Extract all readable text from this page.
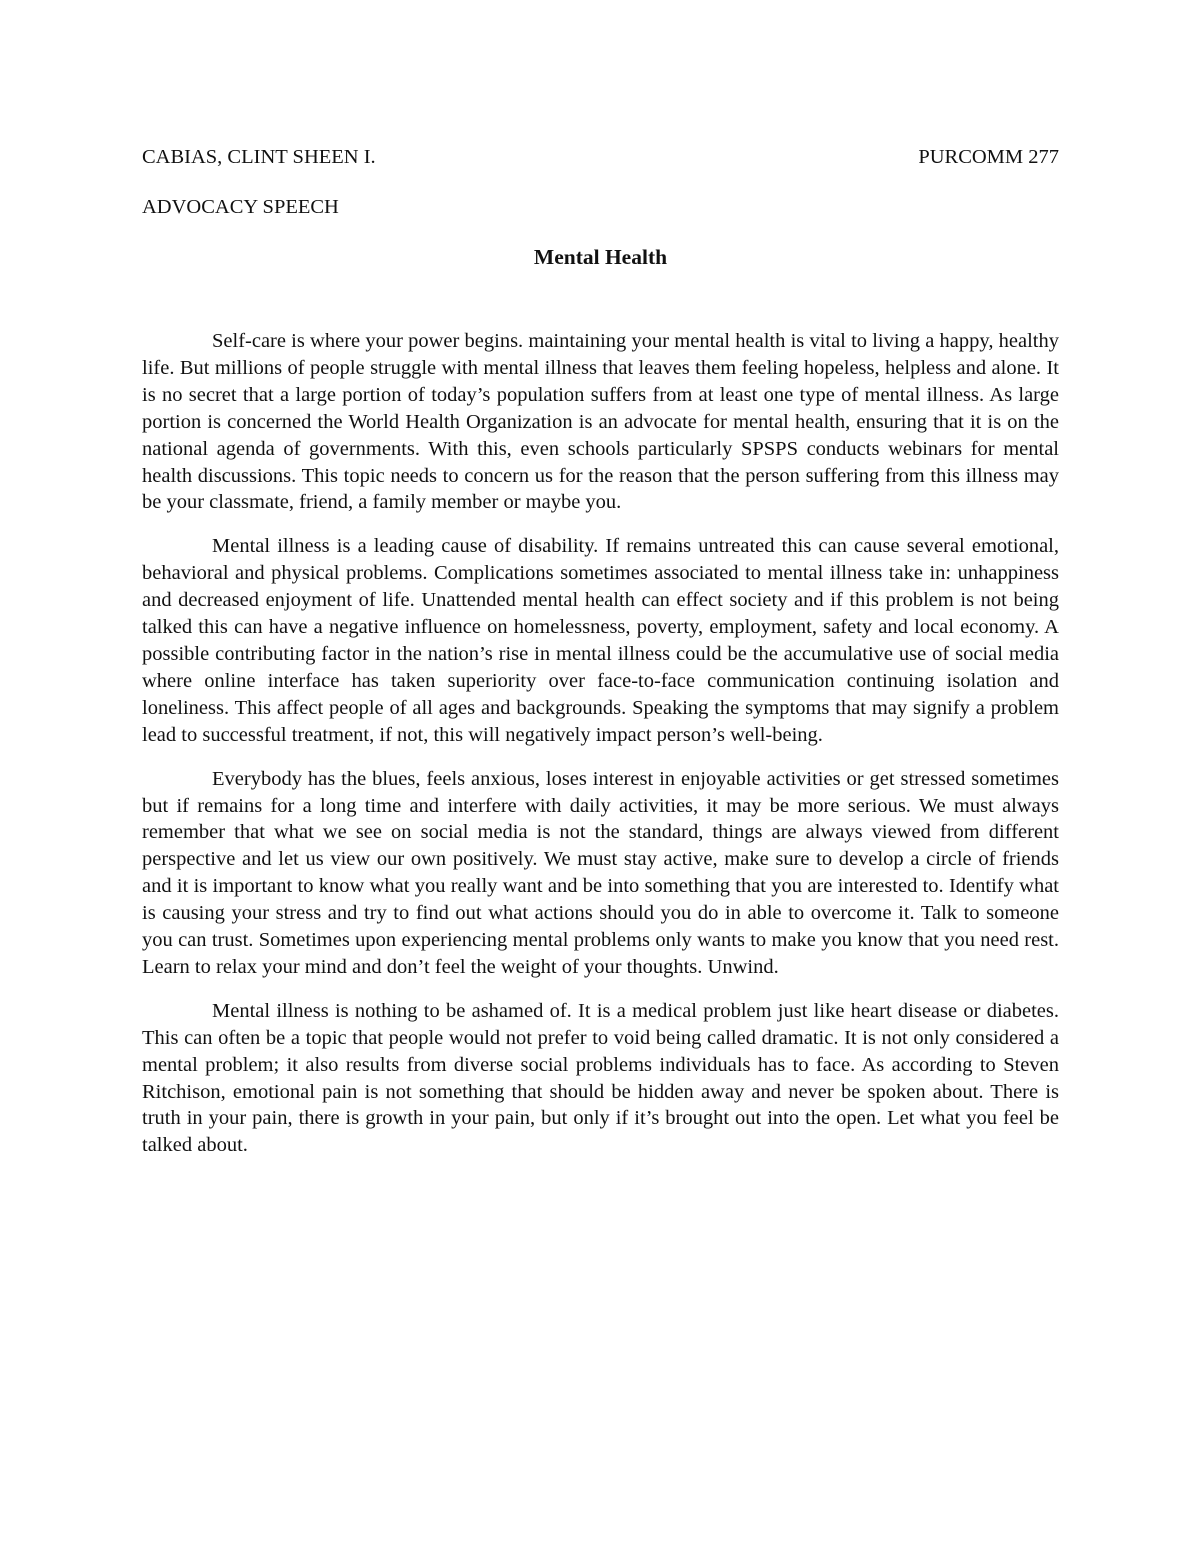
CABIAS, CLINT SHEEN I.	PURCOMM 277
ADVOCACY SPEECH
Mental Health

Self-care is where your power begins. maintaining your mental health is vital to living a happy, healthy life. But millions of people struggle with mental illness that leaves them feeling hopeless, helpless and alone. It is no secret that a large portion of today’s population suffers from at least one type of mental illness. As large portion is concerned the World Health Organization is an advocate for mental health, ensuring that it is on the national agenda of governments. With this, even schools particularly SPSPS conducts webinars for mental health discussions. This topic needs to concern us for the reason that the person suffering from this illness may be your classmate, friend, a family member or maybe you.

Mental illness is a leading cause of disability. If remains untreated this can cause several emotional, behavioral and physical problems. Complications sometimes associated to mental illness take in: unhappiness and decreased enjoyment of life. Unattended mental health can effect society and if this problem is not being talked this can have a negative influence on homelessness, poverty, employment, safety and local economy. A possible contributing factor in the nation’s rise in mental illness could be the accumulative use of social media where online interface has taken superiority over face-to-face communication continuing isolation and loneliness. This affect people of all ages and backgrounds. Speaking the symptoms that may signify a problem lead to successful treatment, if not, this will negatively impact person’s well-being.

Everybody has the blues, feels anxious, loses interest in enjoyable activities or get stressed sometimes but if remains for a long time and interfere with daily activities, it may be more serious. We must always remember that what we see on social media is not the standard, things are always viewed from different perspective and let us view our own positively. We must stay active, make sure to develop a circle of friends and it is important to know what you really want and be into something that you are interested to. Identify what is causing your stress and try to find out what actions should you do in able to overcome it. Talk to someone you can trust. Sometimes upon experiencing mental problems only wants to make you know that you need rest. Learn to relax your mind and don’t feel the weight of your thoughts. Unwind.

Mental illness is nothing to be ashamed of. It is a medical problem just like heart disease or diabetes. This can often be a topic that people would not prefer to void being called dramatic. It is not only considered a mental problem; it also results from diverse social problems individuals has to face. As according to Steven Ritchison, emotional pain is not something that should be hidden away and never be spoken about. There is truth in your pain, there is growth in your pain, but only if it’s brought out into the open. Let what you feel be talked about.
